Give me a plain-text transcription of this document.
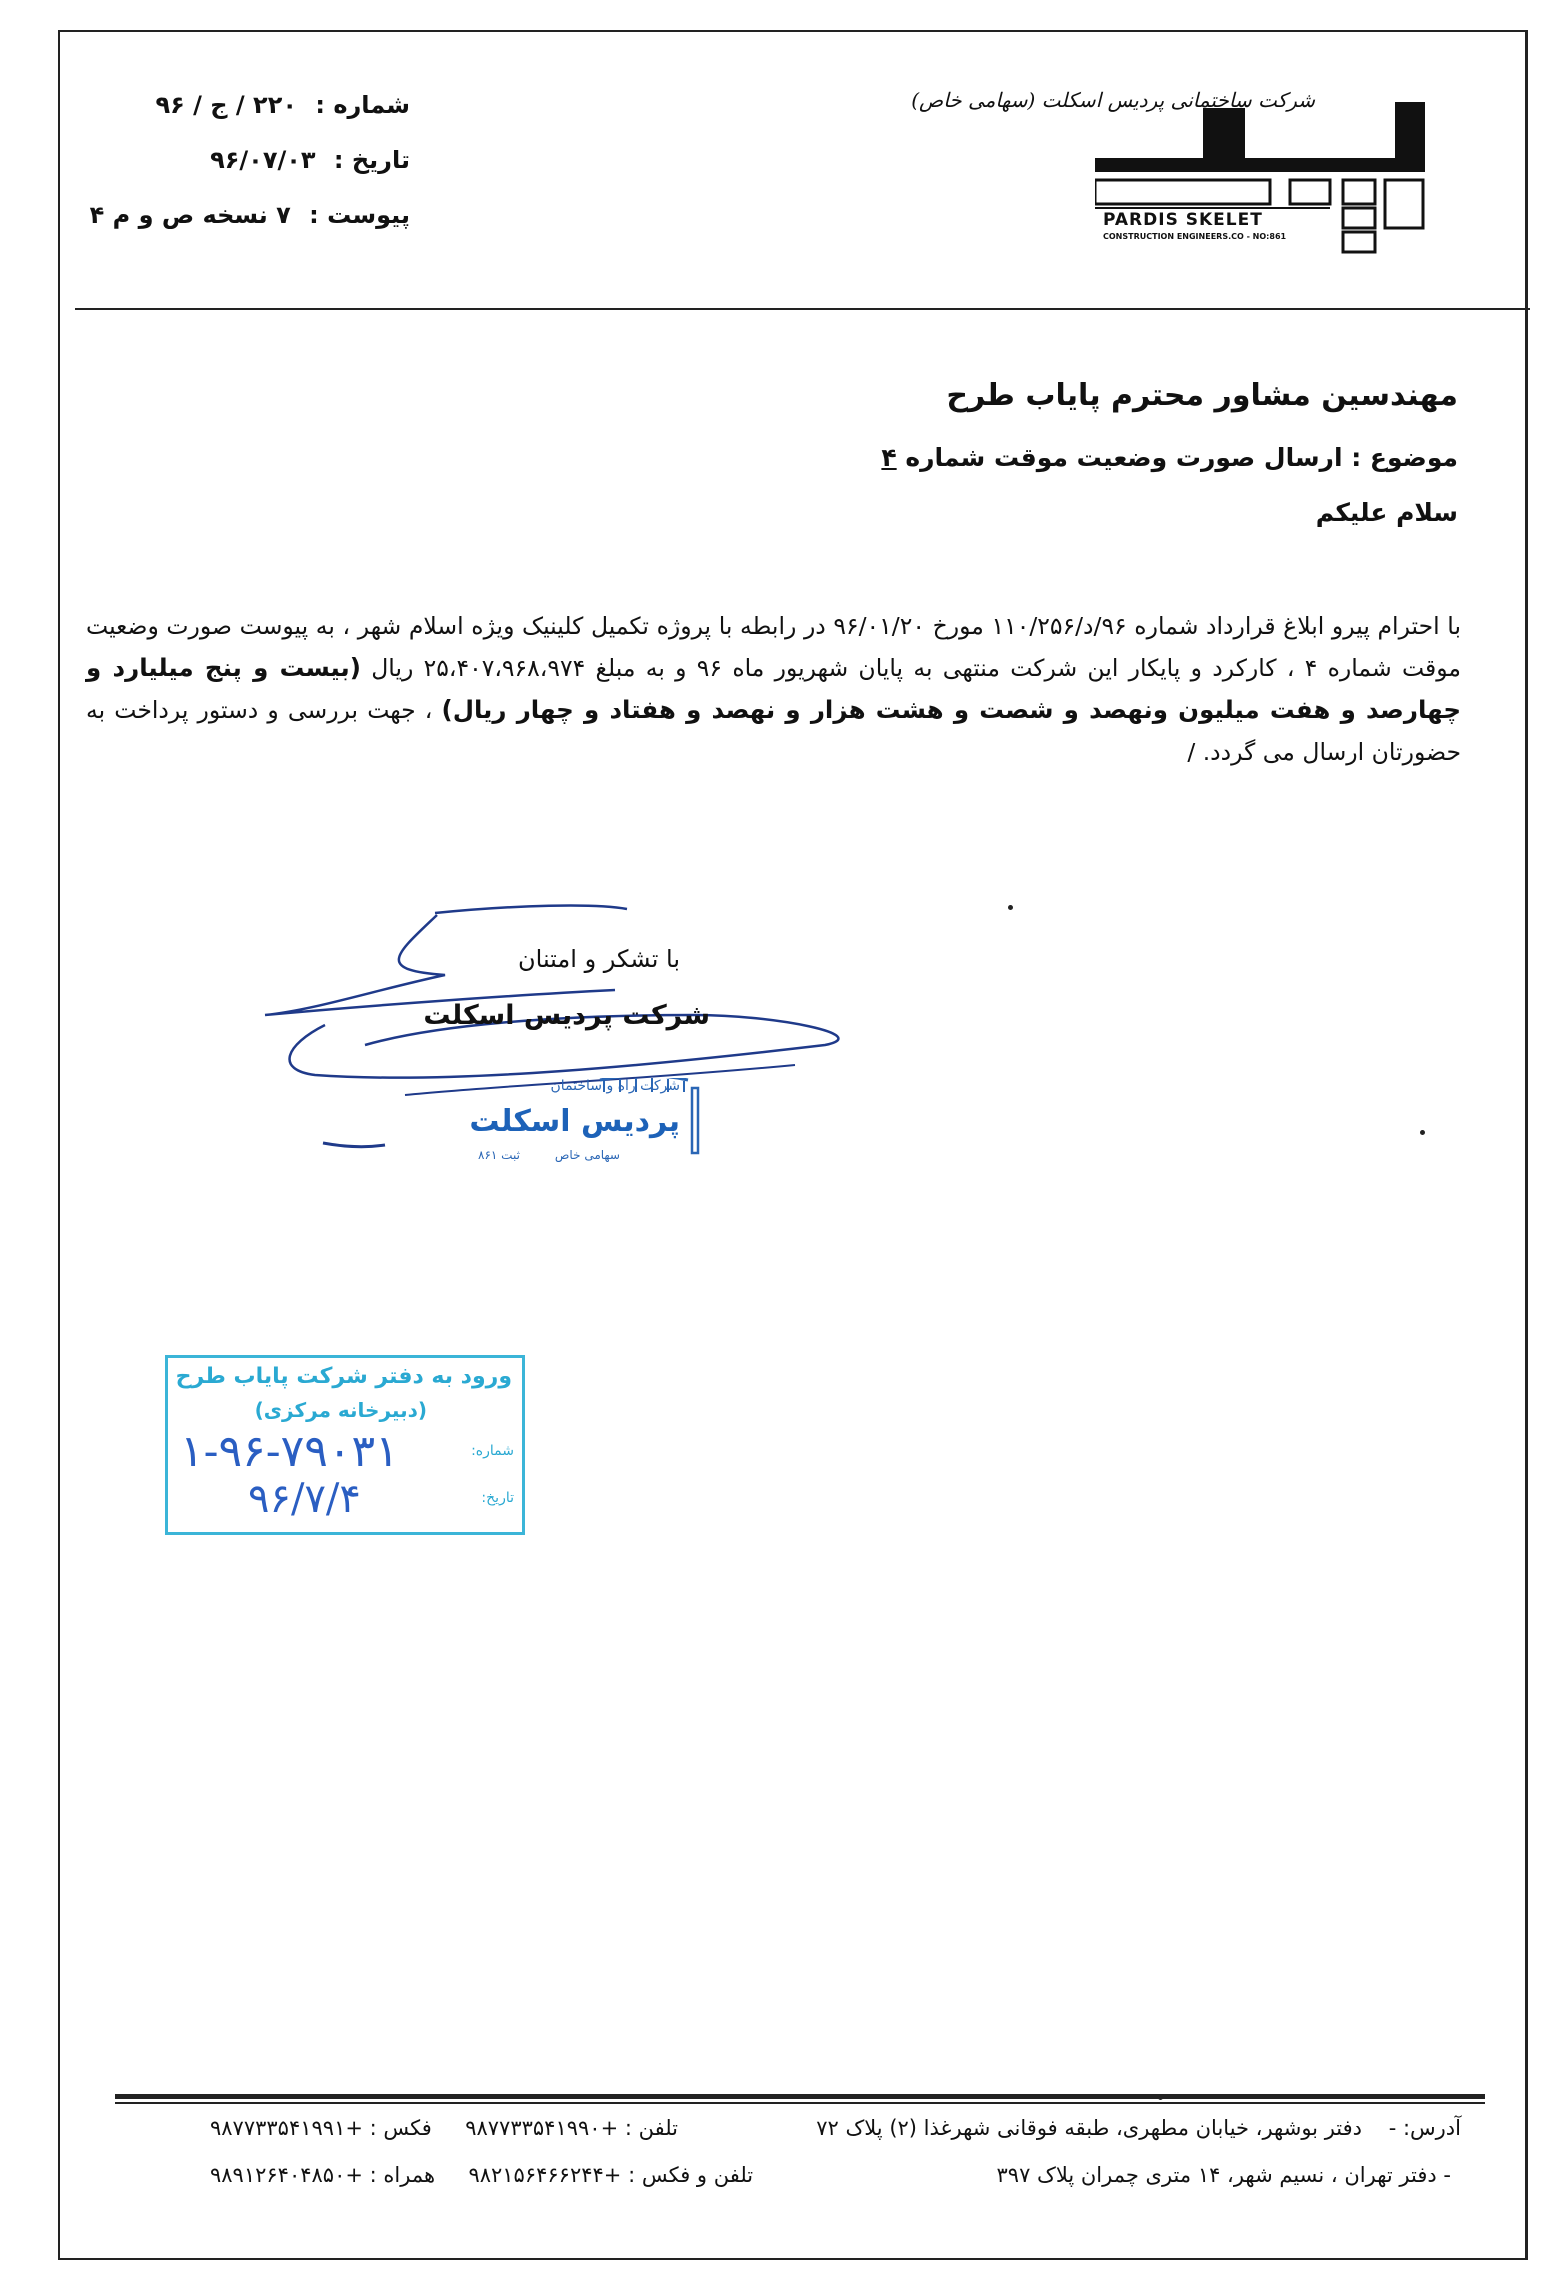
شماره : ۲۲۰ / ج / ۹۶
تاریخ : ۹۶/۰۷/۰۳
پیوست : ۷ نسخه ص و م ۴
شرکت ساختمانی پردیس اسکلت (سهامی خاص)
PARDIS SKELET
CONSTRUCTION ENGINEERS.CO - NO:861
مهندسین مشاور محترم پایاب طرح
موضوع : ارسال صورت وضعیت موقت شماره ۴
سلام علیکم
با احترام پیرو ابلاغ قرارداد شماره ۹۶/د/۱۱۰/۲۵۶ مورخ ۹۶/۰۱/۲۰ در رابطه با پروژه تکمیل کلینیک ویژه اسلام شهر ، به پیوست صورت وضعیت موقت شماره ۴ ، کارکرد و پایکار این شرکت منتهی به پایان شهریور ماه ۹۶ و به مبلغ ۲۵،۴۰۷،۹۶۸،۹۷۴ ریال (بیست و پنج میلیارد و چهارصد و هفت میلیون ونهصد و شصت و هشت هزار و نهصد و هفتاد و چهار ریال) ، جهت بررسی و دستور پرداخت به حضورتان ارسال می گردد. /
با تشکر و امتنان
شرکت پردیس اسکلت
شرکت راه و ساختمان
پردیس اسکلت
سهامی خاص
ثبت ۸۶۱
ورود به دفتر شرکت پایاب طرح
(دبیرخانه مرکزی)
شماره:
۱-۹۶-۷۹۰۳۱
تاریخ:
۹۶/۷/۴
آدرس: - دفتر بوشهر، خیابان مطهری، طبقه فوقانی شهرغذا (۲) پلاک ۷۲
تلفن : +۹۸۷۷۳۳۵۴۱۹۹۰     فکس : +۹۸۷۷۳۳۵۴۱۹۹۱
- دفتر تهران ، نسیم شهر، ۱۴ متری چمران پلاک ۳۹۷
تلفن و فکس : +۹۸۲۱۵۶۴۶۶۲۴۴     همراه : +۹۸۹۱۲۶۴۰۴۸۵۰
